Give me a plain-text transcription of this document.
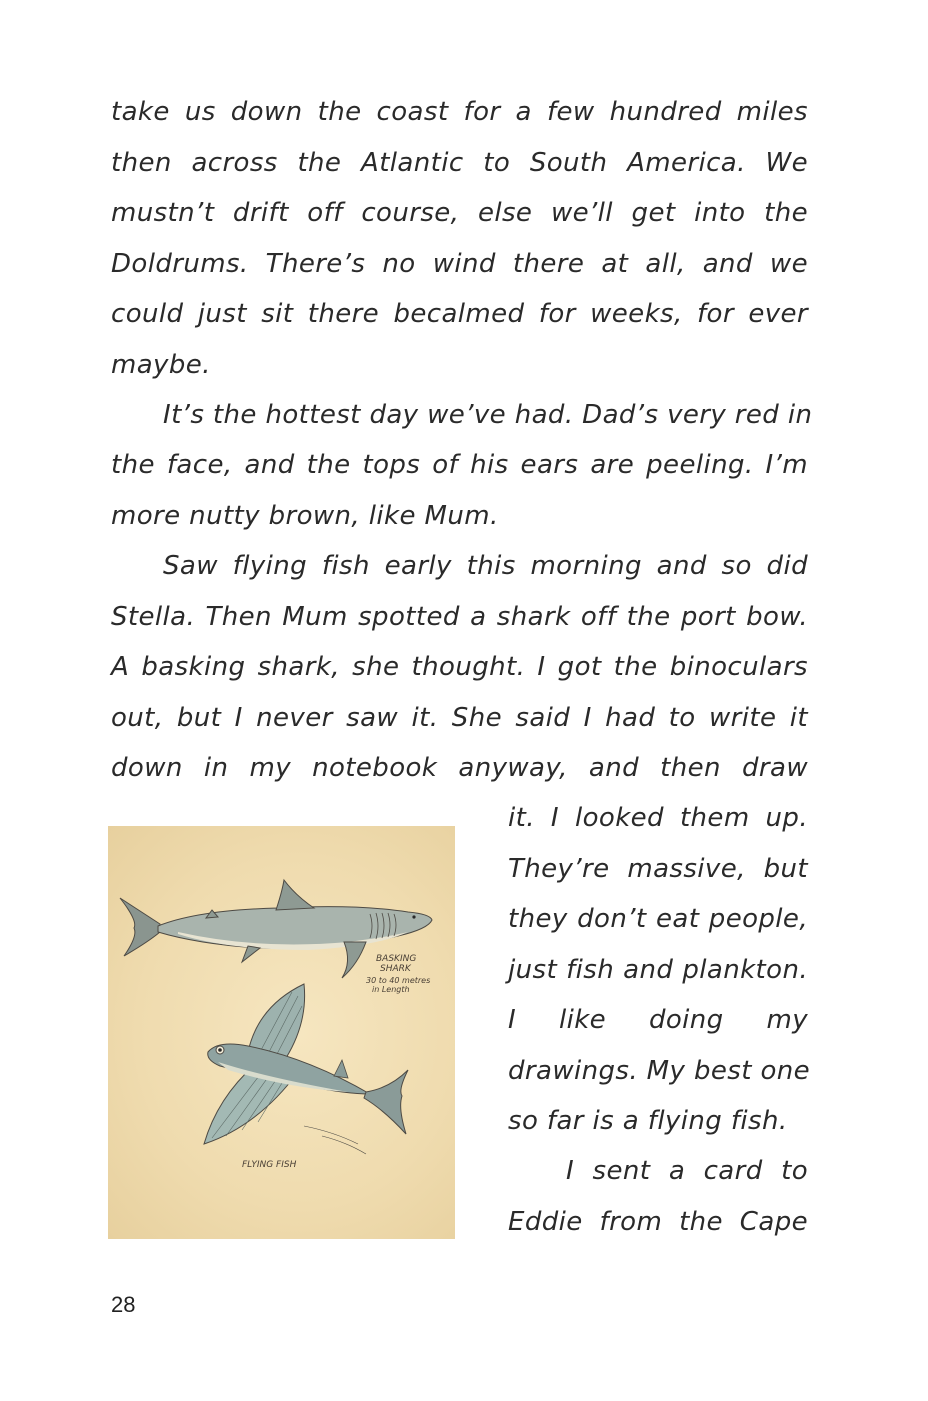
take us down the coast for a few hundred miles
then across the Atlantic to South America. We
mustn’t drift off course, else we’ll get into the
Doldrums. There’s no wind there at all, and we
could just sit there becalmed for weeks, for ever
maybe.
It’s the hottest day we’ve had. Dad’s very red in
the face, and the tops of his ears are peeling. I’m
more nutty brown, like Mum.
Saw flying fish early this morning and so did
Stella. Then Mum spotted a shark off the port bow.
A basking shark, she thought. I got the binoculars
out, but I never saw it. She said I had to write it
down in my notebook anyway, and then draw
it. I looked them up.
They’re massive, but
they don’t eat people,
just fish and plankton.
I like doing my
drawings. My best one
so far is a flying fish.
I sent a card to
Eddie from the Cape
BASKING
SHARK
30 to 40 metres
in Length
FLYING FISH
28
